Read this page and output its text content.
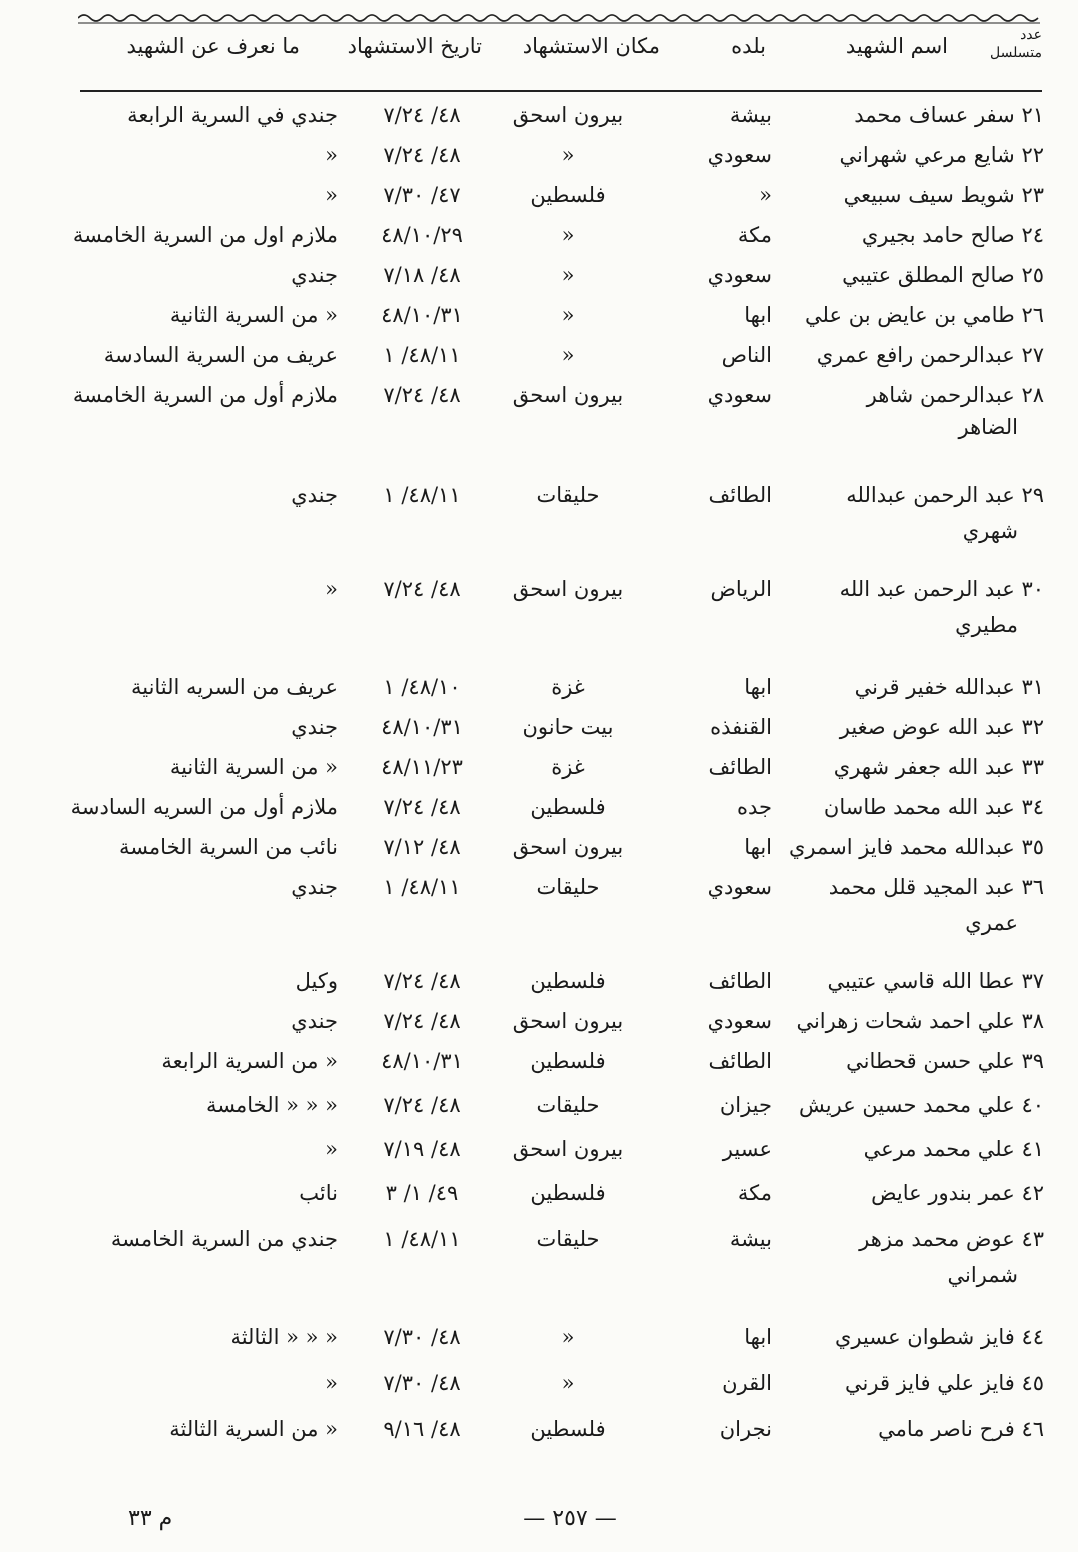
عدد
متسلسل
اسم الشهيد
بلده
مكان الاستشهاد
تاريخ الاستشهاد
ما نعرف عن الشهيد
٢١ سفر عساف محمد
بيشة
بيرون اسحق
٤٨/ ٧/٢٤
جندي في السرية الرابعة
٢٢ شايع مرعي شهراني
سعودي
«
٤٨/ ٧/٢٤
«
٢٣ شويط سيف سبيعي
«
فلسطين
٤٧/ ٧/٣٠
«
٢٤ صالح حامد بجيري
مكة
«
٤٨/١٠/٢٩
ملازم اول من السرية الخامسة
٢٥ صالح المطلق عتيبي
سعودي
«
٤٨/ ٧/١٨
جندي
٢٦ طامي بن عايض بن علي
ابها
«
٤٨/١٠/٣١
« من السرية الثانية
٢٧ عبدالرحمن رافع عمري
الناص
«
٤٨/١١/ ١
عريف من السرية السادسة
٢٨ عبدالرحمن شاهر
الضاهر
سعودي
بيرون اسحق
٤٨/ ٧/٢٤
ملازم أول من السرية الخامسة
٢٩ عبد الرحمن عبدالله
شهري
الطائف
حليقات
٤٨/١١/ ١
جندي
٣٠ عبد الرحمن عبد الله
مطيري
الرياض
بيرون اسحق
٤٨/ ٧/٢٤
«
٣١ عبدالله خفير قرني
ابها
غزة
٤٨/١٠/ ١
عريف من السريه الثانية
٣٢ عبد الله عوض صغير
القنفذه
بيت حانون
٤٨/١٠/٣١
جندي
٣٣ عبد الله جعفر شهري
الطائف
غزة
٤٨/١١/٢٣
« من السرية الثانية
٣٤ عبد الله محمد طاسان
جده
فلسطين
٤٨/ ٧/٢٤
ملازم أول من السريه السادسة
٣٥ عبدالله محمد فايز اسمري
ابها
بيرون اسحق
٤٨/ ٧/١٢
نائب من السرية الخامسة
٣٦ عبد المجيد قلل محمد
عمري
سعودي
حليقات
٤٨/١١/ ١
جندي
٣٧ عطا الله قاسي عتيبي
الطائف
فلسطين
٤٨/ ٧/٢٤
وكيل
٣٨ علي احمد شحات زهراني
سعودي
بيرون اسحق
٤٨/ ٧/٢٤
جندي
٣٩ علي حسن قحطاني
الطائف
فلسطين
٤٨/١٠/٣١
« من السرية الرابعة
٤٠ علي محمد حسين عريش
جيزان
حليقات
٤٨/ ٧/٢٤
« « « الخامسة
٤١ علي محمد مرعي
عسير
بيرون اسحق
٤٨/ ٧/١٩
«
٤٢ عمر بندور عايض
مكة
فلسطين
٤٩/ ١/ ٣
نائب
٤٣ عوض محمد مزهر
شمراني
بيشة
حليقات
٤٨/١١/ ١
جندي من السرية الخامسة
٤٤ فايز شطوان عسيري
ابها
«
٤٨/ ٧/٣٠
« « « الثالثة
٤٥ فايز علي فايز قرني
القرن
«
٤٨/ ٧/٣٠
«
٤٦ فرح ناصر مامي
نجران
فلسطين
٤٨/ ٩/١٦
« من السرية الثالثة
— ٢٥٧ —
م ٣٣
